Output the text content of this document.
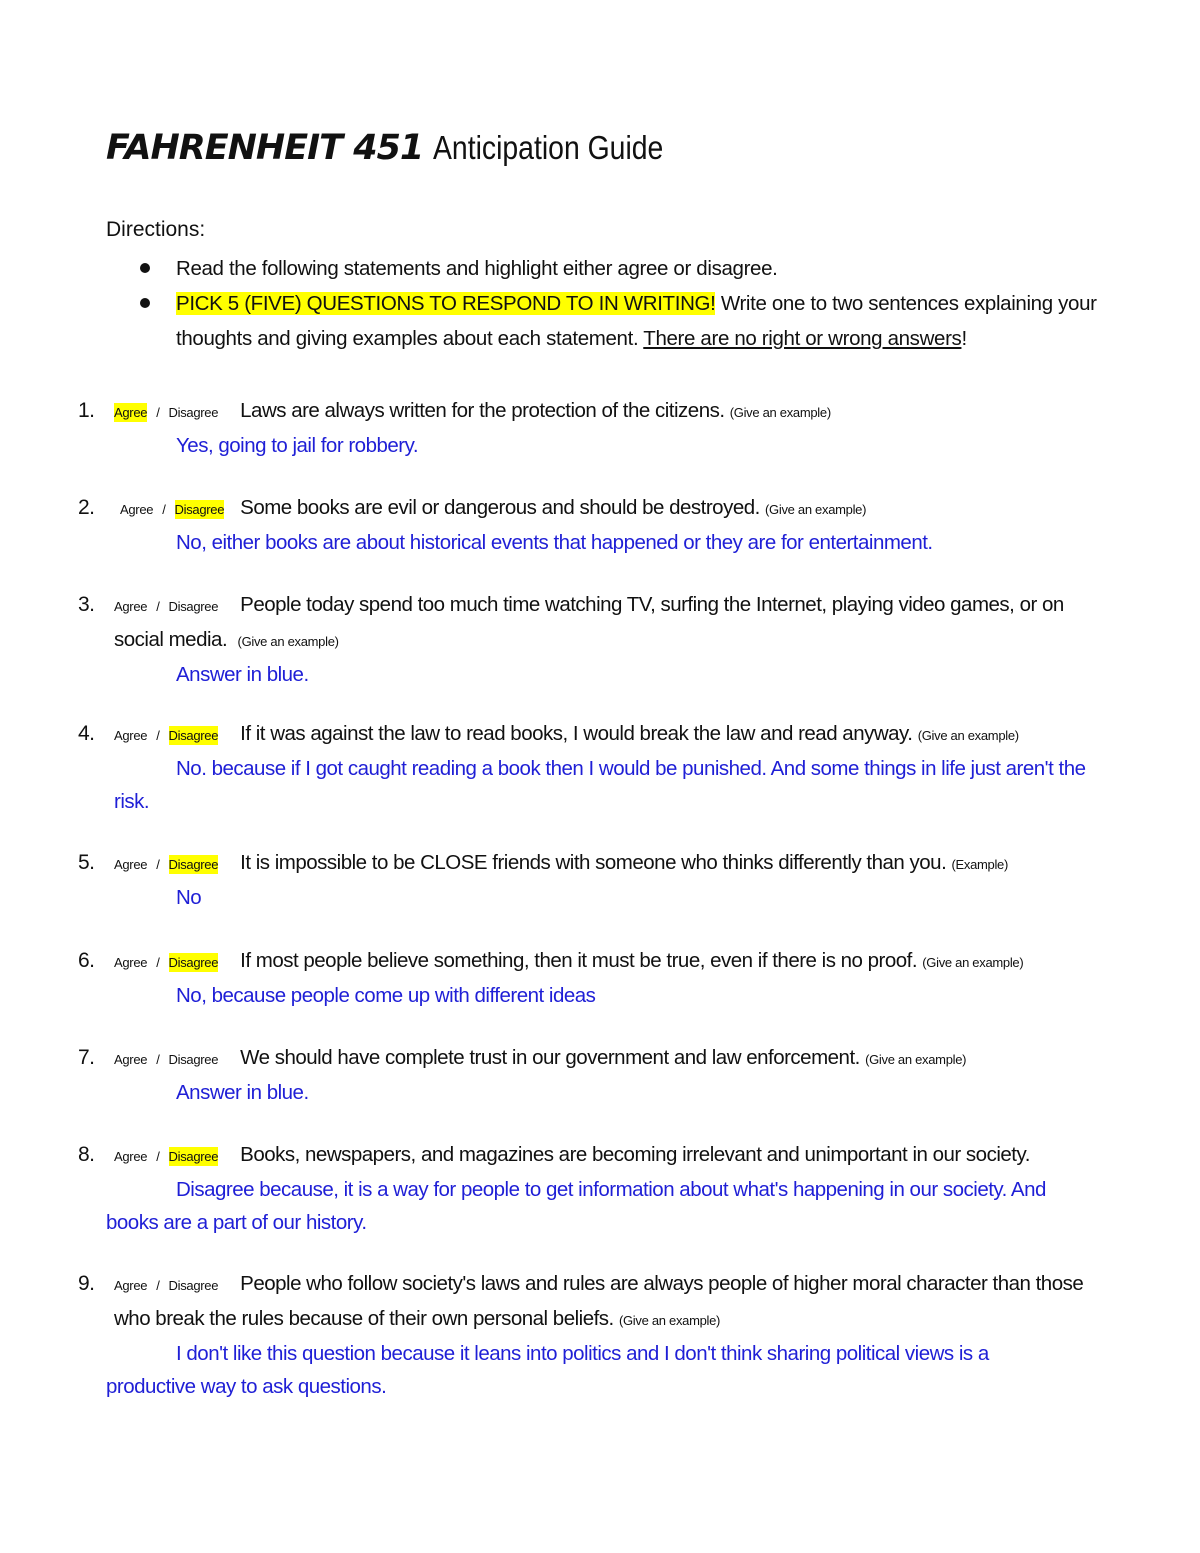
FAHRENHEIT 451 Anticipation Guide
Directions:
Read the following statements and highlight either agree or disagree.
PICK 5 (FIVE) QUESTIONS TO RESPOND TO IN WRITING! Write one to two sentences explaining your thoughts and giving examples about each statement. There are no right or wrong answers!
1. Agree / Disagree Laws are always written for the protection of the citizens. (Give an example)
Yes, going to jail for robbery.
2. Agree / Disagree Some books are evil or dangerous and should be destroyed. (Give an example)
No, either books are about historical events that happened or they are for entertainment.
3. Agree / Disagree People today spend too much time watching TV, surfing the Internet, playing video games, or on
social media. (Give an example)
Answer in blue.
4. Agree / Disagree If it was against the law to read books, I would break the law and read anyway. (Give an example)
No. because if I got caught reading a book then I would be punished. And some things in life just aren't the
risk.
5. Agree / Disagree It is impossible to be CLOSE friends with someone who thinks differently than you. (Example)
No
6. Agree / Disagree If most people believe something, then it must be true, even if there is no proof. (Give an example)
No, because people come up with different ideas
7. Agree / Disagree We should have complete trust in our government and law enforcement. (Give an example)
Answer in blue.
8. Agree / Disagree Books, newspapers, and magazines are becoming irrelevant and unimportant in our society.
Disagree because, it is a way for people to get information about what's happening in our society. And
books are a part of our history.
9. Agree / Disagree People who follow society's laws and rules are always people of higher moral character than those
who break the rules because of their own personal beliefs. (Give an example)
I don't like this question because it leans into politics and I don't think sharing political views is a
productive way to ask questions.
